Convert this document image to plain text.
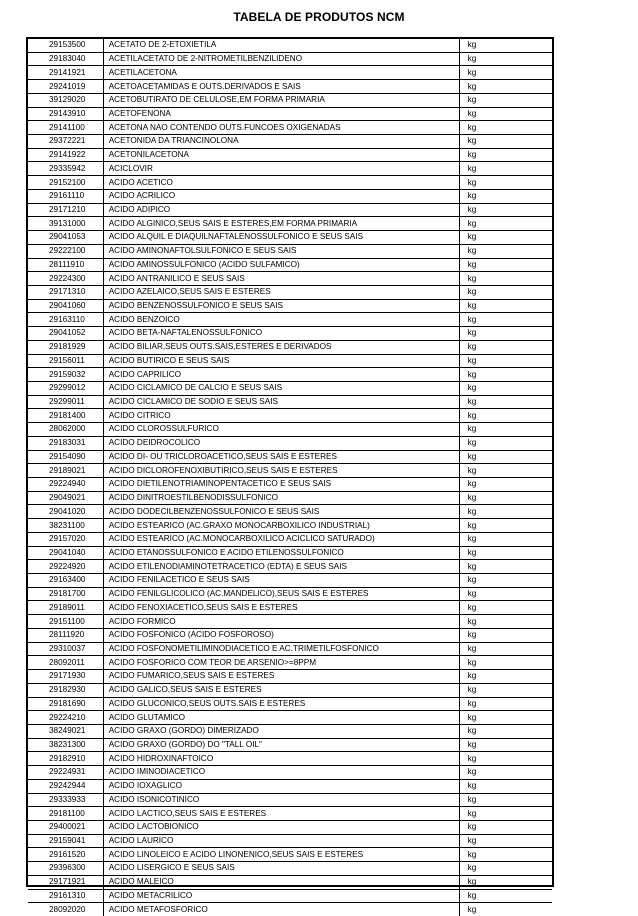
TABELA DE PRODUTOS NCM
29153500	ACETATO DE 2-ETOXIETILA	kg
29183040	ACETILACETATO DE 2-NITROMETILBENZILIDENO	kg
29141921	ACETILACETONA	kg
29241019	ACETOACETAMIDAS E OUTS.DERIVADOS E SAIS	kg
39129020	ACETOBUTIRATO DE CELULOSE,EM FORMA PRIMARIA	kg
29143910	ACETOFENONA	kg
29141100	ACETONA NAO CONTENDO OUTS.FUNCOES OXIGENADAS	kg
29372221	ACETONIDA DA TRIANCINOLONA	kg
29141922	ACETONILACETONA	kg
29335942	ACICLOVIR	kg
29152100	ACIDO ACETICO	kg
29161110	ACIDO ACRILICO	kg
29171210	ACIDO ADIPICO	kg
39131000	ACIDO ALGINICO,SEUS SAIS E ESTERES,EM FORMA PRIMARIA	kg
29041053	ACIDO ALQUIL E DIAQUILNAFTALENOSSULFONICO E SEUS SAIS	kg
29222100	ACIDO AMINONAFTOLSULFONICO E SEUS SAIS	kg
28111910	ACIDO AMINOSSULFONICO (ACIDO SULFAMICO)	kg
29224300	ACIDO ANTRANILICO E SEUS SAIS	kg
29171310	ACIDO AZELAICO,SEUS SAIS E ESTERES	kg
29041060	ACIDO BENZENOSSULFONICO E SEUS SAIS	kg
29163110	ACIDO BENZOICO	kg
29041052	ACIDO BETA-NAFTALENOSSULFONICO	kg
29181929	ACIDO BILIAR,SEUS OUTS.SAIS,ESTERES E DERIVADOS	kg
29156011	ACIDO BUTIRICO E SEUS SAIS	kg
29159032	ACIDO CAPRILICO	kg
29299012	ACIDO CICLAMICO DE CALCIO E SEUS SAIS	kg
29299011	ACIDO CICLAMICO DE SODIO E SEUS SAIS	kg
29181400	ACIDO CITRICO	kg
28062000	ACIDO CLOROSSULFURICO	kg
29183031	ACIDO DEIDROCOLICO	kg
29154090	ACIDO DI- OU TRICLOROACETICO,SEUS SAIS E ESTERES	kg
29189021	ACIDO DICLOROFENOXIBUTIRICO,SEUS SAIS E ESTERES	kg
29224940	ACIDO DIETILENOTRIAMINOPENTACETICO E SEUS SAIS	kg
29049021	ACIDO DINITROESTILBENODISSULFONICO	kg
29041020	ACIDO DODECILBENZENOSSULFONICO E SEUS SAIS	kg
38231100	ACIDO ESTEARICO (AC.GRAXO MONOCARBOXILICO INDUSTRIAL)	kg
29157020	ACIDO ESTEARICO (AC.MONOCARBOXILICO ACICLICO SATURADO)	kg
29041040	ACIDO ETANOSSULFONICO E ACIDO ETILENOSSULFONICO	kg
29224920	ACIDO ETILENODIAMINOTETRACETICO (EDTA) E SEUS SAIS	kg
29163400	ACIDO FENILACETICO E SEUS SAIS	kg
29181700	ACIDO FENILGLICOLICO (AC.MANDELICO),SEUS SAIS E ESTERES	kg
29189011	ACIDO FENOXIACETICO,SEUS SAIS E ESTERES	kg
29151100	ACIDO FORMICO	kg
28111920	ACIDO FOSFONICO (ACIDO FOSFOROSO)	kg
29310037	ACIDO FOSFONOMETILIMINODIACETICO E AC.TRIMETILFOSFONICO	kg
28092011	ACIDO FOSFORICO COM TEOR DE ARSENIO>=8PPM	kg
29171930	ACIDO FUMARICO,SEUS SAIS E ESTERES	kg
29182930	ACIDO GALICO,SEUS SAIS E ESTERES	kg
29181690	ACIDO GLUCONICO,SEUS OUTS.SAIS E ESTERES	kg
29224210	ACIDO GLUTAMICO	kg
38249021	ACIDO GRAXO (GORDO) DIMERIZADO	kg
38231300	ACIDO GRAXO (GORDO) DO "TALL OIL"	kg
29182910	ACIDO HIDROXINAFTOICO	kg
29224931	ACIDO IMINODIACETICO	kg
29242944	ACIDO IOXAGLICO	kg
29333933	ACIDO ISONICOTINICO	kg
29181100	ACIDO LACTICO,SEUS SAIS E ESTERES	kg
29400021	ACIDO LACTOBIONICO	kg
29159041	ACIDO LAURICO	kg
29161520	ACIDO LINOLEICO E ACIDO LINONENICO,SEUS SAIS E ESTERES	kg
29396300	ACIDO LISERGICO E SEUS SAIS	kg
29171921	ACIDO MALEICO	kg
29161310	ACIDO METACRILICO	kg
28092020	ACIDO METAFOSFORICO	kg
